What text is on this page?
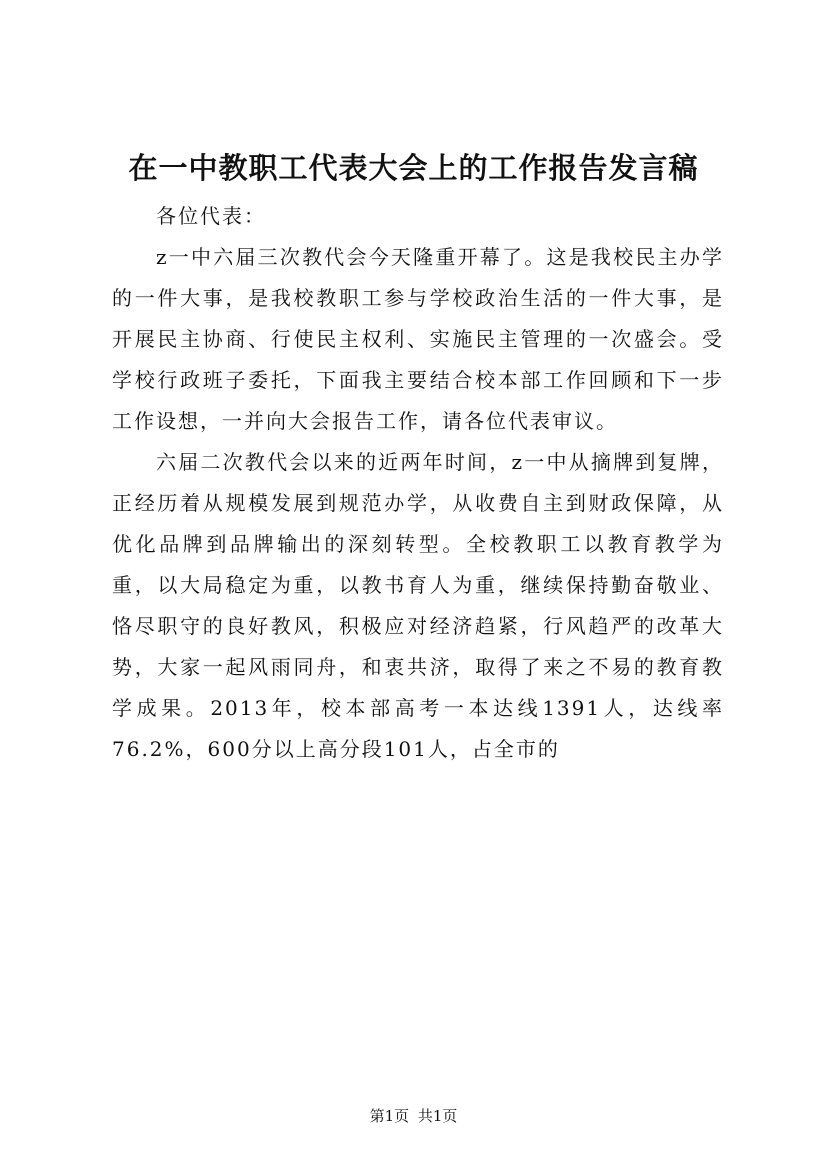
在一中教职工代表大会上的工作报告发言稿

各位代表：

z一中六届三次教代会今天隆重开幕了。这是我校民主办学的一件大事，是我校教职工参与学校政治生活的一件大事，是开展民主协商、行使民主权利、实施民主管理的一次盛会。受学校行政班子委托，下面我主要结合校本部工作回顾和下一步工作设想，一并向大会报告工作，请各位代表审议。

六届二次教代会以来的近两年时间，z一中从摘牌到复牌，正经历着从规模发展到规范办学，从收费自主到财政保障，从优化品牌到品牌输出的深刻转型。全校教职工以教育教学为重，以大局稳定为重，以教书育人为重，继续保持勤奋敬业、恪尽职守的良好教风，积极应对经济趋紧，行风趋严的改革大势，大家一起风雨同舟，和衷共济，取得了来之不易的教育教学成果。2013年，校本部高考一本达线1391人，达线率76.2%，600分以上高分段101人，占全市的

第1页 共1页
